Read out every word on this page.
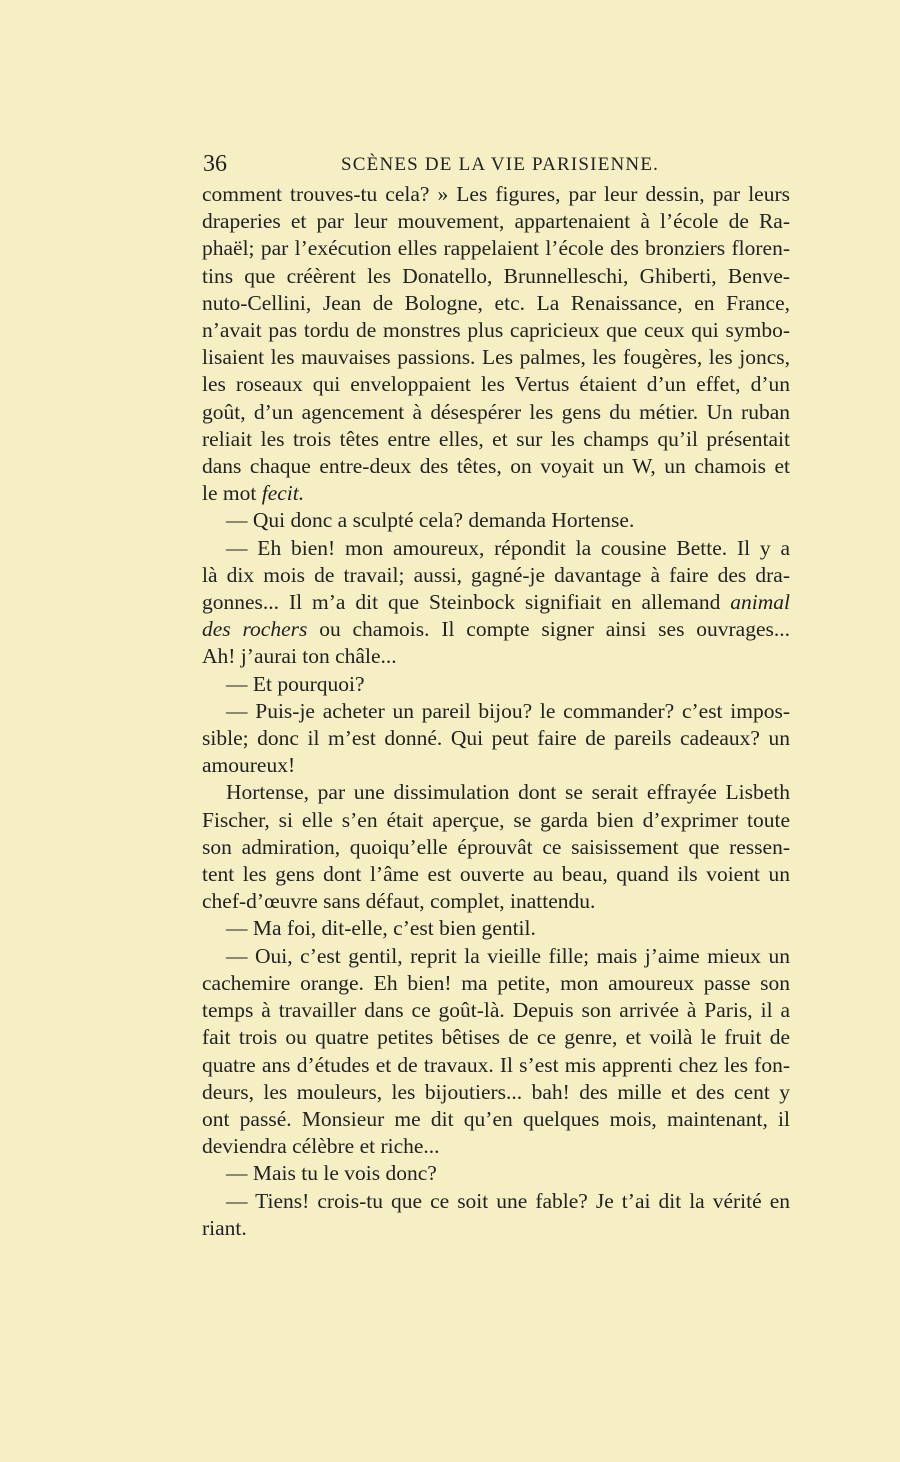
36	SCÈNES DE LA VIE PARISIENNE.
comment trouves-tu cela? » Les figures, par leur dessin, par leurs
draperies et par leur mouvement, appartenaient à l’école de Ra-
phaël; par l’exécution elles rappelaient l’école des bronziers floren-
tins que créèrent les Donatello, Brunnelleschi, Ghiberti, Benve-
nuto-Cellini, Jean de Bologne, etc. La Renaissance, en France,
n’avait pas tordu de monstres plus capricieux que ceux qui symbo-
lisaient les mauvaises passions. Les palmes, les fougères, les joncs,
les roseaux qui enveloppaient les Vertus étaient d’un effet, d’un
goût, d’un agencement à désespérer les gens du métier. Un ruban
reliait les trois têtes entre elles, et sur les champs qu’il présentait
dans chaque entre-deux des têtes, on voyait un W, un chamois et
le mot fecit.
— Qui donc a sculpté cela? demanda Hortense.
— Eh bien! mon amoureux, répondit la cousine Bette. Il y a
là dix mois de travail; aussi, gagné-je davantage à faire des dra-
gonnes... Il m’a dit que Steinbock signifiait en allemand animal
des rochers ou chamois. Il compte signer ainsi ses ouvrages...
Ah! j’aurai ton châle...
— Et pourquoi?
— Puis-je acheter un pareil bijou? le commander? c’est impos-
sible; donc il m’est donné. Qui peut faire de pareils cadeaux? un
amoureux!
Hortense, par une dissimulation dont se serait effrayée Lisbeth
Fischer, si elle s’en était aperçue, se garda bien d’exprimer toute
son admiration, quoiqu’elle éprouvât ce saisissement que ressen-
tent les gens dont l’âme est ouverte au beau, quand ils voient un
chef-d’œuvre sans défaut, complet, inattendu.
— Ma foi, dit-elle, c’est bien gentil.
— Oui, c’est gentil, reprit la vieille fille; mais j’aime mieux un
cachemire orange. Eh bien! ma petite, mon amoureux passe son
temps à travailler dans ce goût-là. Depuis son arrivée à Paris, il a
fait trois ou quatre petites bêtises de ce genre, et voilà le fruit de
quatre ans d’études et de travaux. Il s’est mis apprenti chez les fon-
deurs, les mouleurs, les bijoutiers... bah! des mille et des cent y
ont passé. Monsieur me dit qu’en quelques mois, maintenant, il
deviendra célèbre et riche...
— Mais tu le vois donc?
— Tiens! crois-tu que ce soit une fable? Je t’ai dit la vérité en
riant.
